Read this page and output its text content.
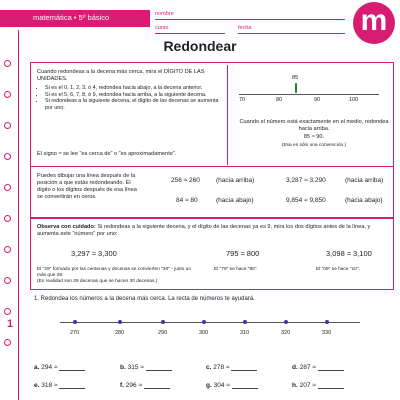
1
matemática • 5º básico	nombre
curso	fecha	m
Redondear
Cuando redondeas a la decena más cerca, mira el DÍGITO DE LAS UNIDADES.
• Si es el 0, 1, 2, 3, ó 4, redondea hacia abajo, a la decena anterior.
• Si es el 5, 6, 7, 8, ó 9, redondea hacia arriba, a la siguiente decena.
• Si redondeas a la siguiente decena, el dígito de las decenas se aumenta por uno.
El signo ≈ se lee "es cerca de" o "es aproximadamente".
85
70	80	90	100
Cuando el número está exactamente en el medio, redondea hacia arriba.
85 ≈ 90.
(Esa es sólo una convención.)
Puedes dibujar una línea después de la posición a que estás redondeando. El dígito o los dígitos después de esa línea se convertirán en ceros.
256 ≈ 260 (hacia arriba)	3,287 ≈ 3,290	(hacia arriba)
84 ≈ 80	(hacia abajo)	9,854 ≈ 9,850	(hacia abajo)
Observa con cuidado: Si redondeas a la siguiente decena, y el dígito de las decenas ya es 9, mira los dos dígitos antes de la línea, y aumenta este "número" por uno:
3,297 ≈ 3,300
El "29" formado por las centenas y decenas se convierten "30" - justo un más que 29.
(En realidad son 29 decenas que se hacen 30 decenas.)
795 ≈ 800
El "79" se hace "80".
3,098 ≈ 3,100
El "09" se hace "10".
1. Redondea los números a la decena más cerca. La recta de números te ayudará.
270	280	290	300	310	320	330
a. 294 ≈	b. 315 ≈	c. 278 ≈	d. 287 ≈
e. 318 ≈	f. 296 ≈	g. 304 ≈	h. 207 ≈
